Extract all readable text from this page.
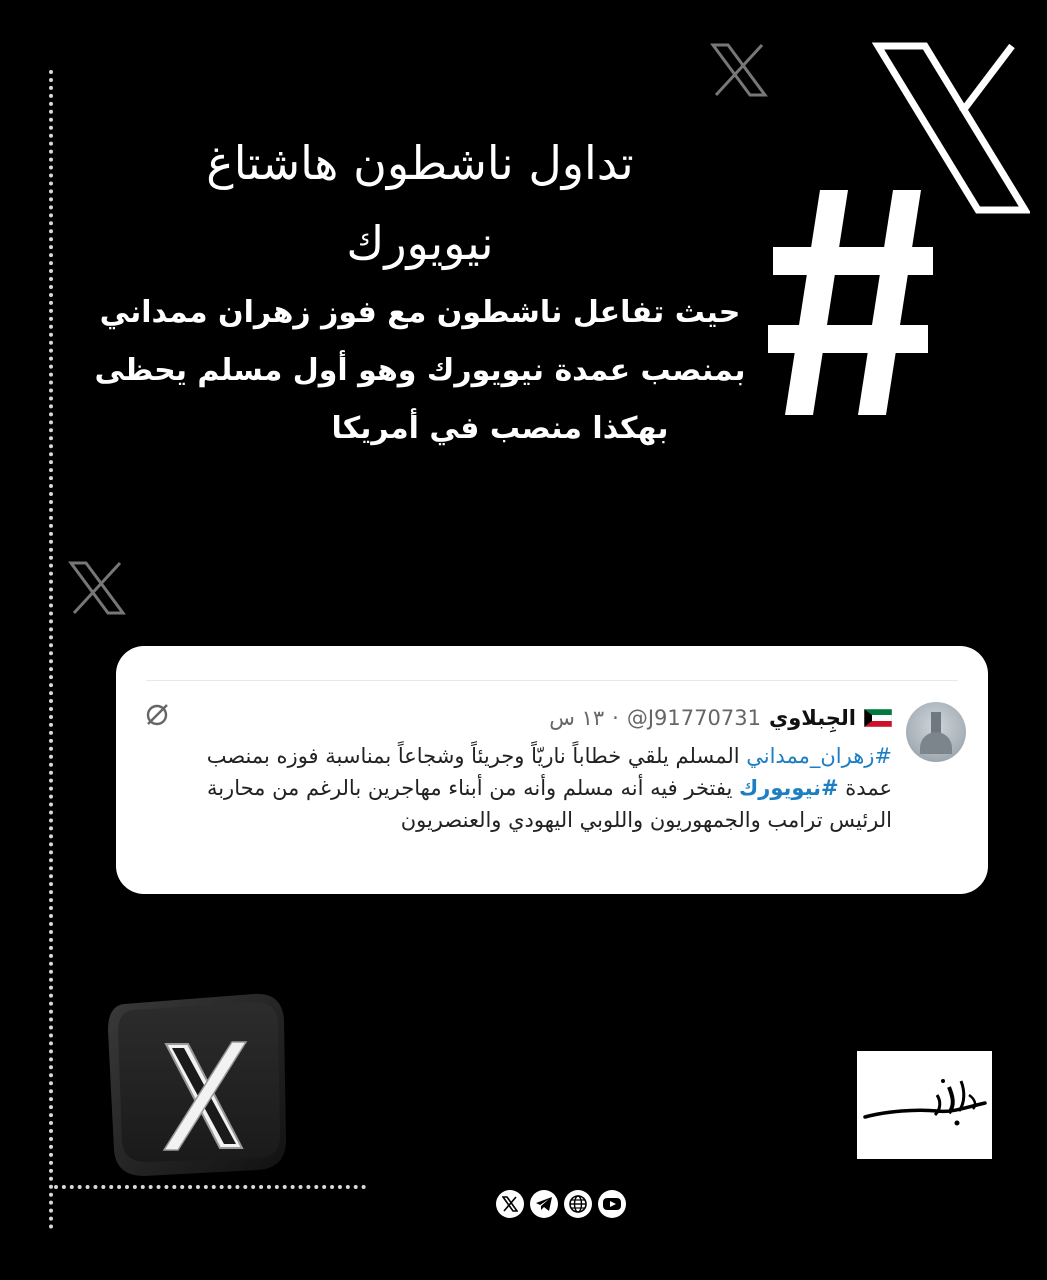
تداول ناشطون هاشتاغ

نيويورك

حيث تفاعل ناشطون مع فوز زهران ممداني

بمنصب عمدة نيويورك وهو أول مسلم يحظى

بهكذا منصب في أمريكا

الجِبلاوي
@J91770731
·
١٣ س
#زهران_ممداني المسلم يلقي خطاباً ناريّاً وجريئاً وشجاعاً بمناسبة فوزه بمنصب
عمدة #نيويورك يفتخر فيه أنه مسلم وأنه من أبناء مهاجرين بالرغم من محاربة
الرئيس ترامب والجمهوريون واللوبي اليهودي والعنصريون
